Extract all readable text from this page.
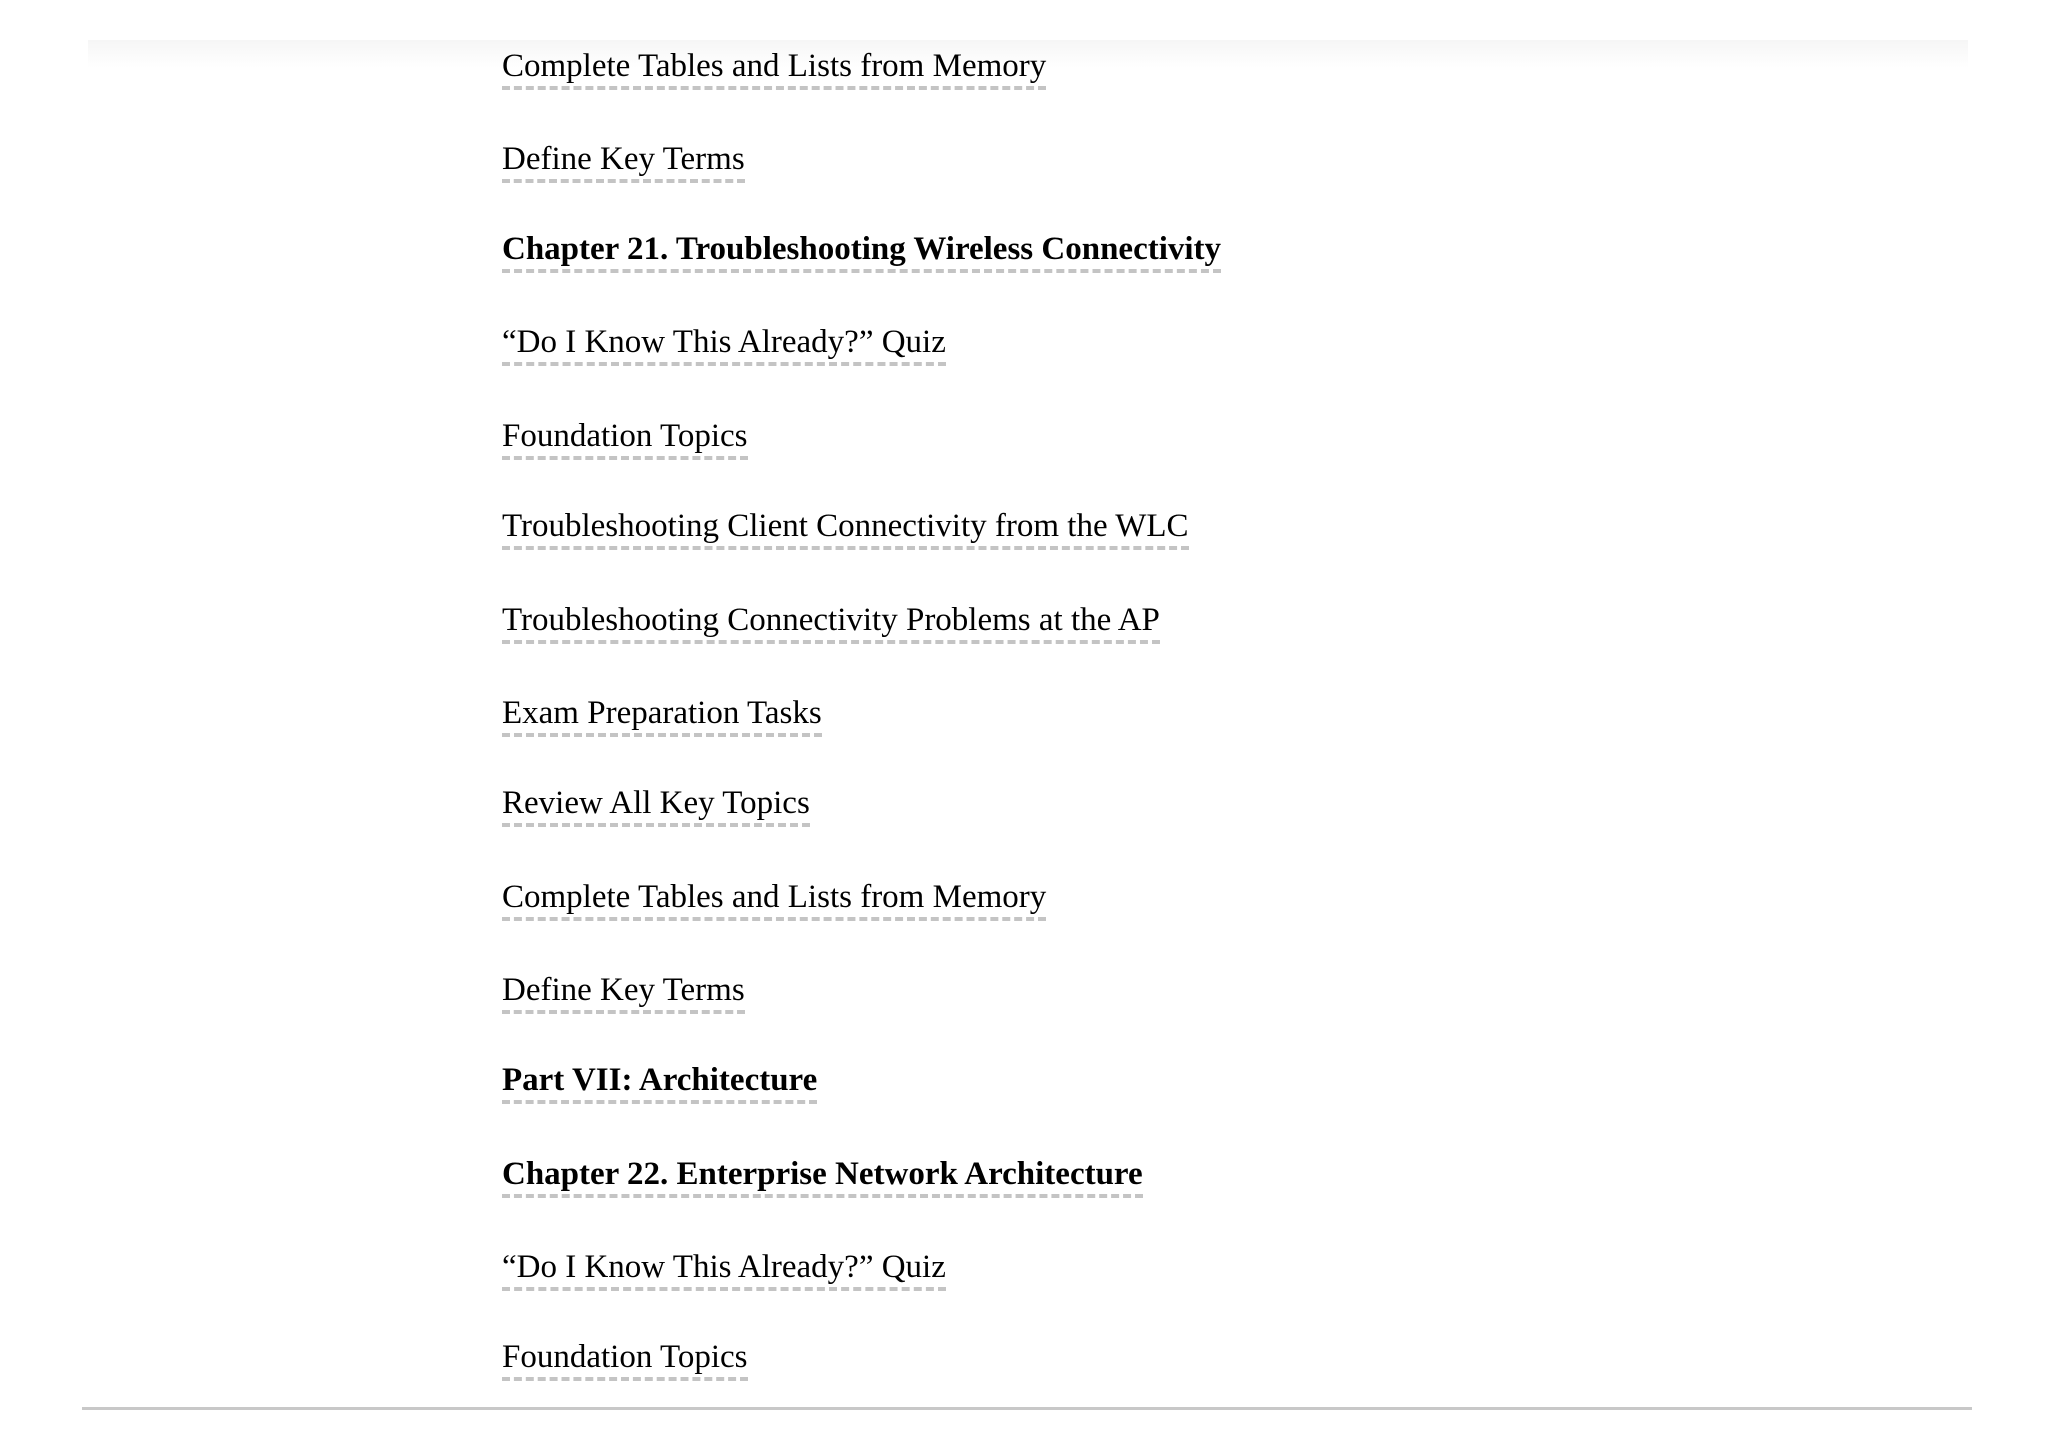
Complete Tables and Lists from Memory
Define Key Terms
Chapter 21. Troubleshooting Wireless Connectivity
“Do I Know This Already?” Quiz
Foundation Topics
Troubleshooting Client Connectivity from the WLC
Troubleshooting Connectivity Problems at the AP
Exam Preparation Tasks
Review All Key Topics
Complete Tables and Lists from Memory
Define Key Terms
Part VII: Architecture
Chapter 22. Enterprise Network Architecture
“Do I Know This Already?” Quiz
Foundation Topics
